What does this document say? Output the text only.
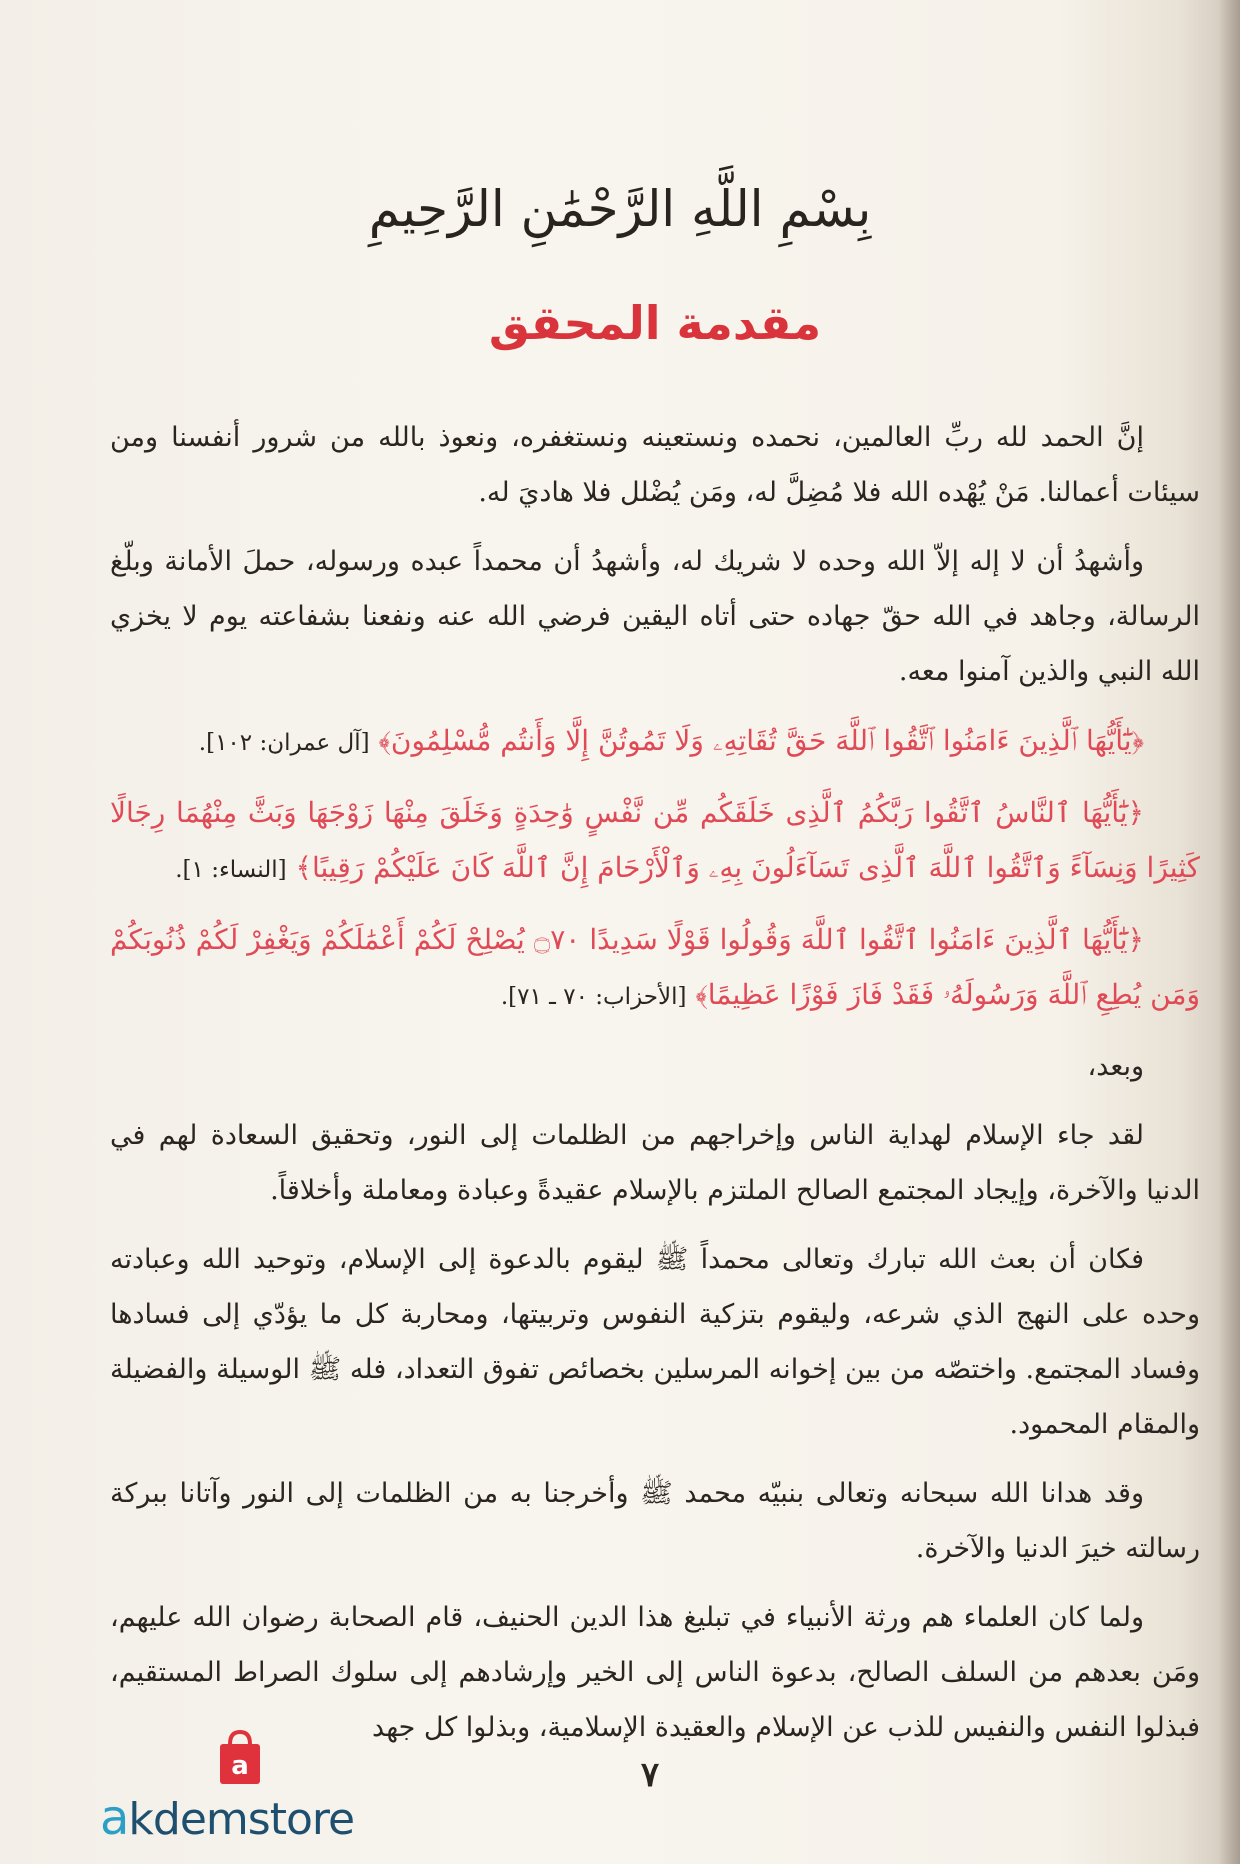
بِسْمِ اللَّهِ الرَّحْمَٰنِ الرَّحِيمِ
مقدمة المحقق

إنَّ الحمد لله ربِّ العالمين، نحمده ونستعينه ونستغفره، ونعوذ بالله من شرور أنفسنا ومن سيئات أعمالنا. مَنْ يُهْده الله فلا مُضِلَّ له، ومَن يُضْلل فلا هاديَ له.

وأشهدُ أن لا إله إلاّ الله وحده لا شريك له، وأشهدُ أن محمداً عبده ورسوله، حملَ الأمانة وبلّغ الرسالة، وجاهد في الله حقّ جهاده حتى أتاه اليقين فرضي الله عنه ونفعنا بشفاعته يوم لا يخزي الله النبي والذين آمنوا معه.

﴿يَٰٓأَيُّهَا ٱلَّذِينَ ءَامَنُوا ٱتَّقُوا ٱللَّهَ حَقَّ تُقَاتِهِۦ وَلَا تَمُوتُنَّ إِلَّا وَأَنتُم مُّسْلِمُونَ﴾ [آل عمران: ١٠٢].

﴿يَٰٓأَيُّهَا ٱلنَّاسُ ٱتَّقُوا رَبَّكُمُ ٱلَّذِى خَلَقَكُم مِّن نَّفْسٍ وَٰحِدَةٍ وَخَلَقَ مِنْهَا زَوْجَهَا وَبَثَّ مِنْهُمَا رِجَالًا كَثِيرًا وَنِسَآءً وَٱتَّقُوا ٱللَّهَ ٱلَّذِى تَسَآءَلُونَ بِهِۦ وَٱلْأَرْحَامَ إِنَّ ٱللَّهَ كَانَ عَلَيْكُمْ رَقِيبًا﴾ [النساء: ١].

﴿يَٰٓأَيُّهَا ٱلَّذِينَ ءَامَنُوا ٱتَّقُوا ٱللَّهَ وَقُولُوا قَوْلًا سَدِيدًا ۝٧٠ يُصْلِحْ لَكُمْ أَعْمَٰلَكُمْ وَيَغْفِرْ لَكُمْ ذُنُوبَكُمْ وَمَن يُطِعِ ٱللَّهَ وَرَسُولَهُۥ فَقَدْ فَازَ فَوْزًا عَظِيمًا﴾ [الأحزاب: ٧٠ ـ ٧١].

وبعد،

لقد جاء الإسلام لهداية الناس وإخراجهم من الظلمات إلى النور، وتحقيق السعادة لهم في الدنيا والآخرة، وإيجاد المجتمع الصالح الملتزم بالإسلام عقيدةً وعبادة ومعاملة وأخلاقاً.

فكان أن بعث الله تبارك وتعالى محمداً ﷺ ليقوم بالدعوة إلى الإسلام، وتوحيد الله وعبادته وحده على النهج الذي شرعه، وليقوم بتزكية النفوس وتربيتها، ومحاربة كل ما يؤدّي إلى فسادها وفساد المجتمع. واختصّه من بين إخوانه المرسلين بخصائص تفوق التعداد، فله ﷺ الوسيلة والفضيلة والمقام المحمود.

وقد هدانا الله سبحانه وتعالى بنبيّه محمد ﷺ وأخرجنا به من الظلمات إلى النور وآتانا ببركة رسالته خيرَ الدنيا والآخرة.

ولما كان العلماء هم ورثة الأنبياء في تبليغ هذا الدين الحنيف، قام الصحابة رضوان الله عليهم، ومَن بعدهم من السلف الصالح، بدعوة الناس إلى الخير وإرشادهم إلى سلوك الصراط المستقيم، فبذلوا النفس والنفيس للذب عن الإسلام والعقيدة الإسلامية، وبذلوا كل جهد

٧
a
akdemstore
